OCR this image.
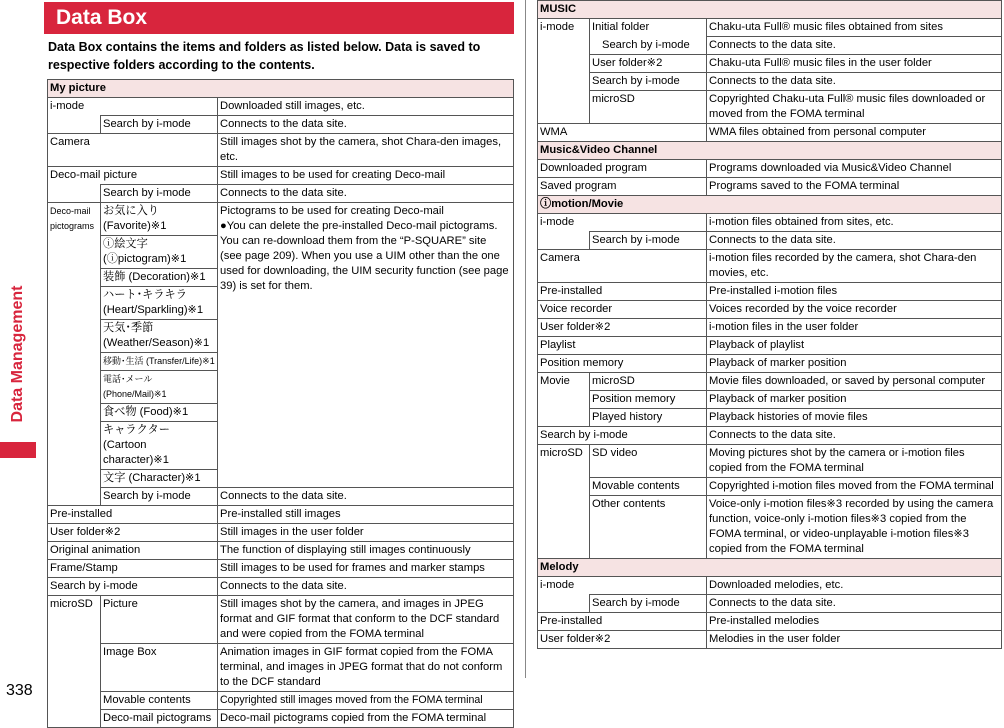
Data Management
338
Data Box
Data Box contains the items and folders as listed below. Data is saved to respective folders according to the contents.
My picture		
i-mode		Downloaded still images, etc.
	Search by i-mode	Connects to the data site.
Camera		Still images shot by the camera, shot Chara-den images, etc.
Deco-mail picture		Still images to be used for creating Deco-mail
	Search by i-mode	Connects to the data site.
Deco-mail pictograms	お気に入り (Favorite)※1	Pictograms to be used for creating Deco-mail
●You can delete the pre-installed Deco-mail pictograms. You can re-download them from the “P-SQUARE” site (see page 209). When you use a UIM other than the one used for downloading, the UIM security function (see page 39) is set for them.

	ⓘ絵文字 (ⓘpictogram)※1	
	装飾 (Decoration)※1	
	ハート･キラキラ (Heart/Sparkling)※1	
	天気･季節 (Weather/Season)※1	
	移動･生活 (Transfer/Life)※1	
	電話･メール (Phone/Mail)※1	
	食べ物 (Food)※1	
	キャラクター (Cartoon character)※1	
	文字 (Character)※1	
	Search by i-mode	Connects to the data site.
Pre-installed		Pre-installed still images
User folder※2		Still images in the user folder
Original animation		The function of displaying still images continuously
Frame/Stamp		Still images to be used for frames and marker stamps
Search by i-mode		Connects to the data site.
microSD	Picture	Still images shot by the camera, and images in JPEG format and GIF format that conform to the DCF standard and were copied from the FOMA terminal
	Image Box	Animation images in GIF format copied from the FOMA terminal, and images in JPEG format that do not conform to the DCF standard
	Movable contents	Copyrighted still images moved from the FOMA terminal
	Deco-mail pictograms	Deco-mail pictograms copied from the FOMA terminal
MUSIC		
i-mode	Initial folder	Chaku-uta Full® music files obtained from sites
	Search by i-mode	Connects to the data site.
	User folder※2	Chaku-uta Full® music files in the user folder
	Search by i-mode	Connects to the data site.
	microSD	Copyrighted Chaku-uta Full® music files downloaded or moved from the FOMA terminal
WMA		WMA files obtained from personal computer
Music&Video Channel		
Downloaded program		Programs downloaded via Music&Video Channel
Saved program		Programs saved to the FOMA terminal
ⓘmotion/Movie		
i-mode		i-motion files obtained from sites, etc.
	Search by i-mode	Connects to the data site.
Camera		i-motion files recorded by the camera, shot Chara-den movies, etc.
Pre-installed		Pre-installed i-motion files
Voice recorder		Voices recorded by the voice recorder
User folder※2		i-motion files in the user folder
Playlist		Playback of playlist
Position memory		Playback of marker position
Movie	microSD	Movie files downloaded, or saved by personal computer
	Position memory	Playback of marker position
	Played history	Playback histories of movie files
Search by i-mode		Connects to the data site.
microSD	SD video	Moving pictures shot by the camera or i-motion files copied from the FOMA terminal
	Movable contents	Copyrighted i-motion files moved from the FOMA terminal
	Other contents	Voice-only i-motion files※3 recorded by using the camera function, voice-only i-motion files※3 copied from the FOMA terminal, or video-unplayable i-motion files※3 copied from the FOMA terminal
Melody		
i-mode		Downloaded melodies, etc.
	Search by i-mode	Connects to the data site.
Pre-installed		Pre-installed melodies
User folder※2		Melodies in the user folder
